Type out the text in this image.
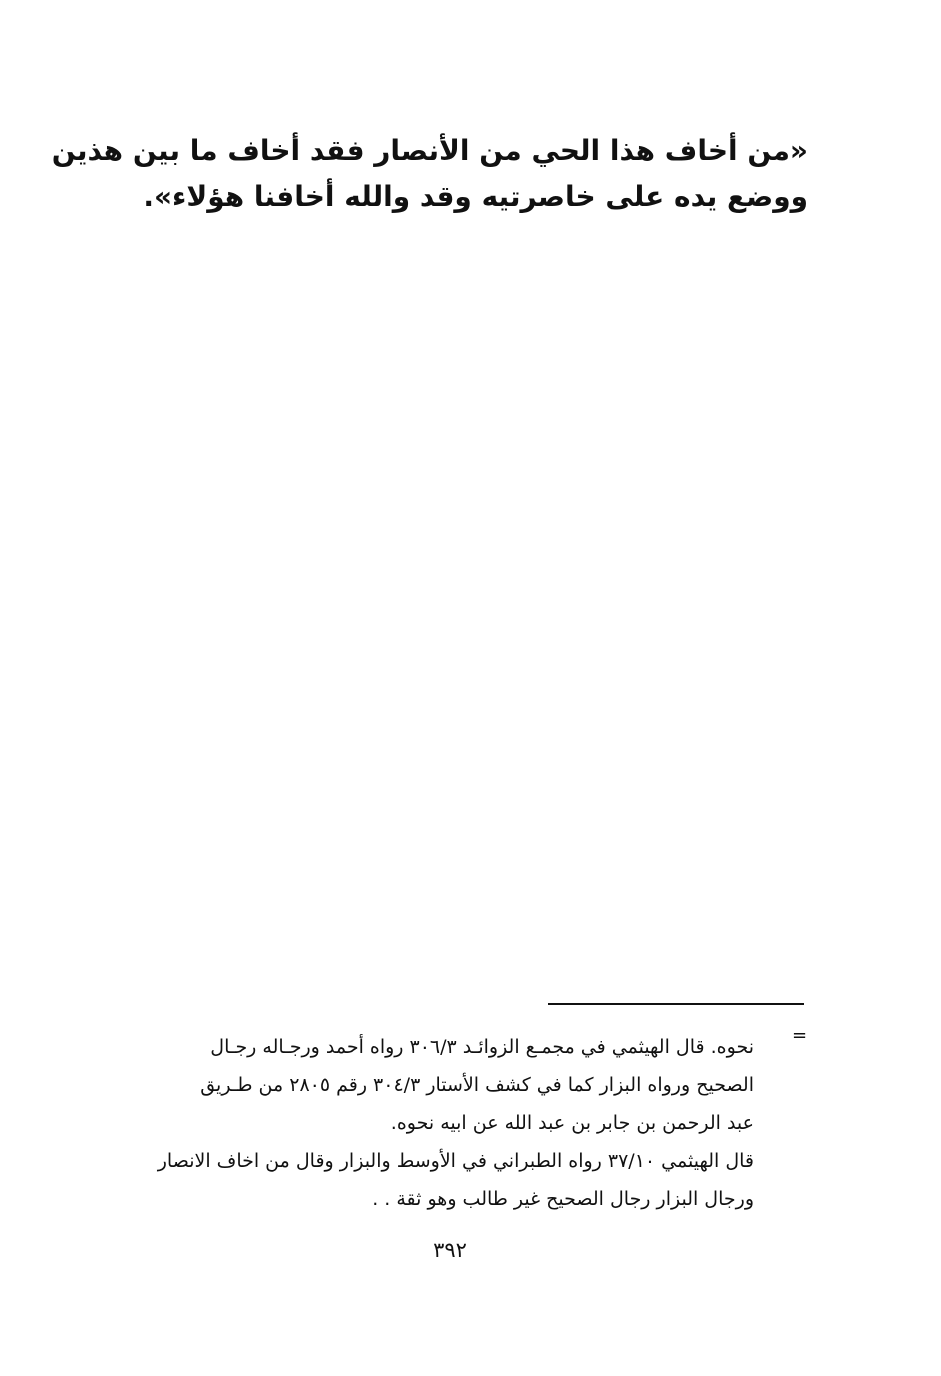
«من أخاف هذا الحي من الأنصار فقد أخاف ما بين هذين

ووضع يده على خاصرتيه وقد والله أخافنا هؤلاء».

=

نحوه. قال الهيثمي في مجمـع الزوائـد ٣٠٦/٣ رواه أحمد ورجـاله رجـال

الصحيح ورواه البزار كما في كشف الأستار ٣٠٤/٣ رقم ٢٨٠٥ من طـريق

عبد الرحمن بن جابر بن عبد الله عن ابيه نحوه.

قال الهيثمي ٣٧/١٠ رواه الطبراني في الأوسط والبزار وقال من اخاف الانصار

ورجال البزار رجال الصحيح غير طالب وهو ثقة . .

٣٩٢
